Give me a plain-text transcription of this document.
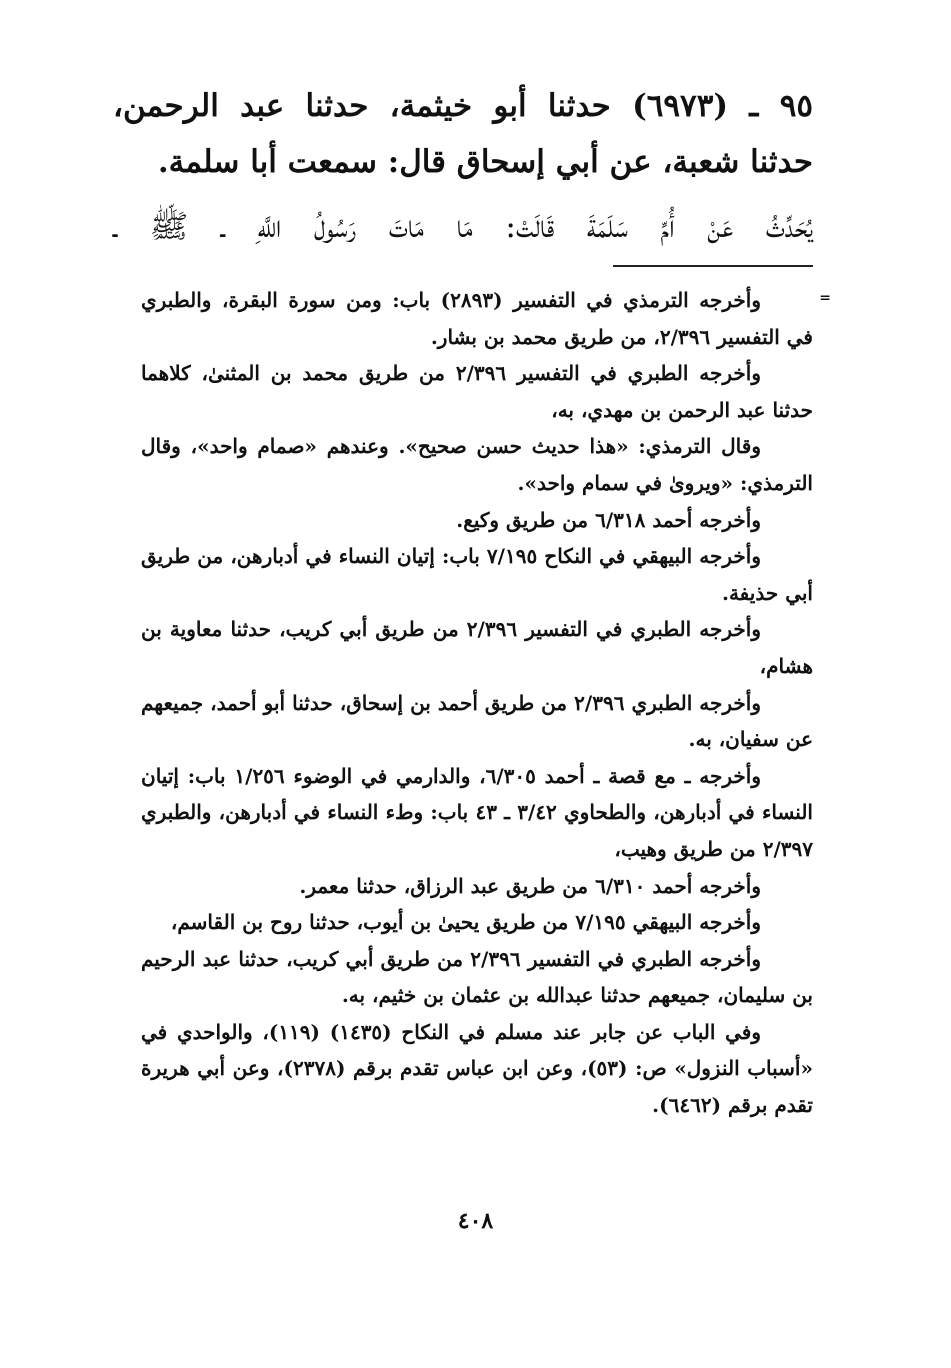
٩٥ ـ (٦٩٧٣) حدثنا أبو خيثمة، حدثنا عبد الرحمن،
حدثنا شعبة، عن أبي إسحاق قال: سمعت أبا سلمة.
يُحَدِّثُ عَنْ أُمِّ سَلَمَةَ قَالَتْ: مَا مَاتَ رَسُولُ اللَّهِ ـ ﷺ ـ
=

وأخرجه الترمذي في التفسير (٢٨٩٣) باب: ومن سورة البقرة، والطبري في التفسير ٢/٣٩٦، من طريق محمد بن بشار.

وأخرجه الطبري في التفسير ٢/٣٩٦ من طريق محمد بن المثنىٰ، كلاهما حدثنا عبد الرحمن بن مهدي، به،

وقال الترمذي: «هذا حديث حسن صحيح». وعندهم «صمام واحد»، وقال الترمذي: «ويروىٰ في سمام واحد».

وأخرجه أحمد ٦/٣١٨ من طريق وكيع.

وأخرجه البيهقي في النكاح ٧/١٩٥ باب: إتيان النساء في أدبارهن، من طريق أبي حذيفة.

وأخرجه الطبري في التفسير ٢/٣٩٦ من طريق أبي كريب، حدثنا معاوية بن هشام،

وأخرجه الطبري ٢/٣٩٦ من طريق أحمد بن إسحاق، حدثنا أبو أحمد، جميعهم عن سفيان، به.

وأخرجه ـ مع قصة ـ أحمد ٦/٣٠٥، والدارمي في الوضوء ١/٢٥٦ باب: إتيان النساء في أدبارهن، والطحاوي ٣/٤٢ ـ ٤٣ باب: وطء النساء في أدبارهن، والطبري ٢/٣٩٧ من طريق وهيب،

وأخرجه أحمد ٦/٣١٠ من طريق عبد الرزاق، حدثنا معمر.

وأخرجه البيهقي ٧/١٩٥ من طريق يحيىٰ بن أيوب، حدثنا روح بن القاسم،

وأخرجه الطبري في التفسير ٢/٣٩٦ من طريق أبي كريب، حدثنا عبد الرحيم بن سليمان، جميعهم حدثنا عبدالله بن عثمان بن خثيم، به.

وفي الباب عن جابر عند مسلم في النكاح (١٤٣٥) (١١٩)، والواحدي في «أسباب النزول» ص: (٥٣)، وعن ابن عباس تقدم برقم (٢٣٧٨)، وعن أبي هريرة تقدم برقم (٦٤٦٢).

٤٠٨
